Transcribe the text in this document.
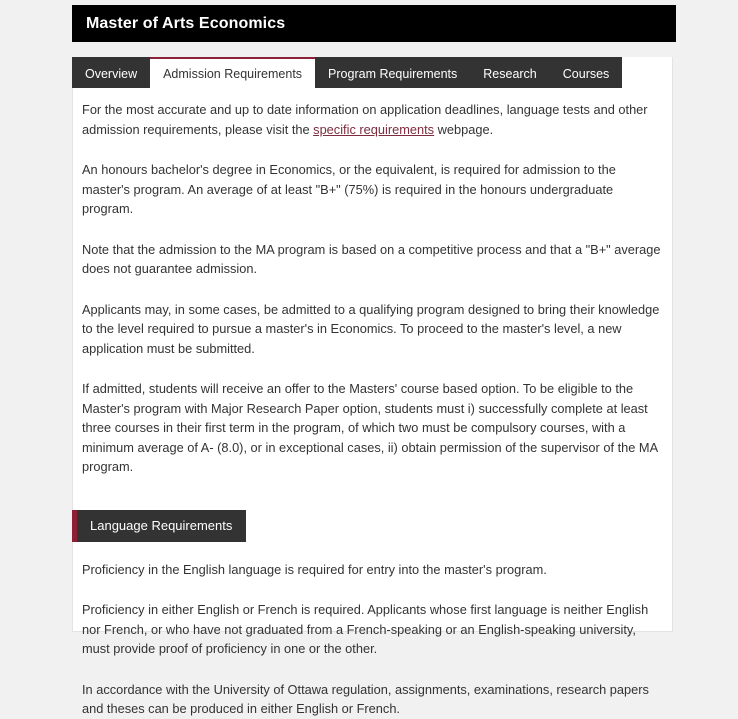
Master of Arts Economics
Overview Admission Requirements Program Requirements Research Courses

For the most accurate and up to date information on application deadlines, language tests and other admission requirements, please visit the specific requirements webpage.

An honours bachelor's degree in Economics, or the equivalent, is required for admission to the master's program. An average of at least "B+" (75%) is required in the honours undergraduate program.

Note that the admission to the MA program is based on a competitive process and that a "B+" average does not guarantee admission.

Applicants may, in some cases, be admitted to a qualifying program designed to bring their knowledge to the level required to pursue a master's in Economics. To proceed to the master's level, a new application must be submitted.

If admitted, students will receive an offer to the Masters' course based option. To be eligible to the Master's program with Major Research Paper option, students must i) successfully complete at least three courses in their first term in the program, of which two must be compulsory courses, with a minimum average of A- (8.0), or in exceptional cases, ii) obtain permission of the supervisor of the MA program.

Language Requirements

Proficiency in the English language is required for entry into the master's program.

Proficiency in either English or French is required. Applicants whose first language is neither English nor French, or who have not graduated from a French-speaking or an English-speaking university, must provide proof of proficiency in one or the other.

In accordance with the University of Ottawa regulation, assignments, examinations, research papers and theses can be produced in either English or French.
